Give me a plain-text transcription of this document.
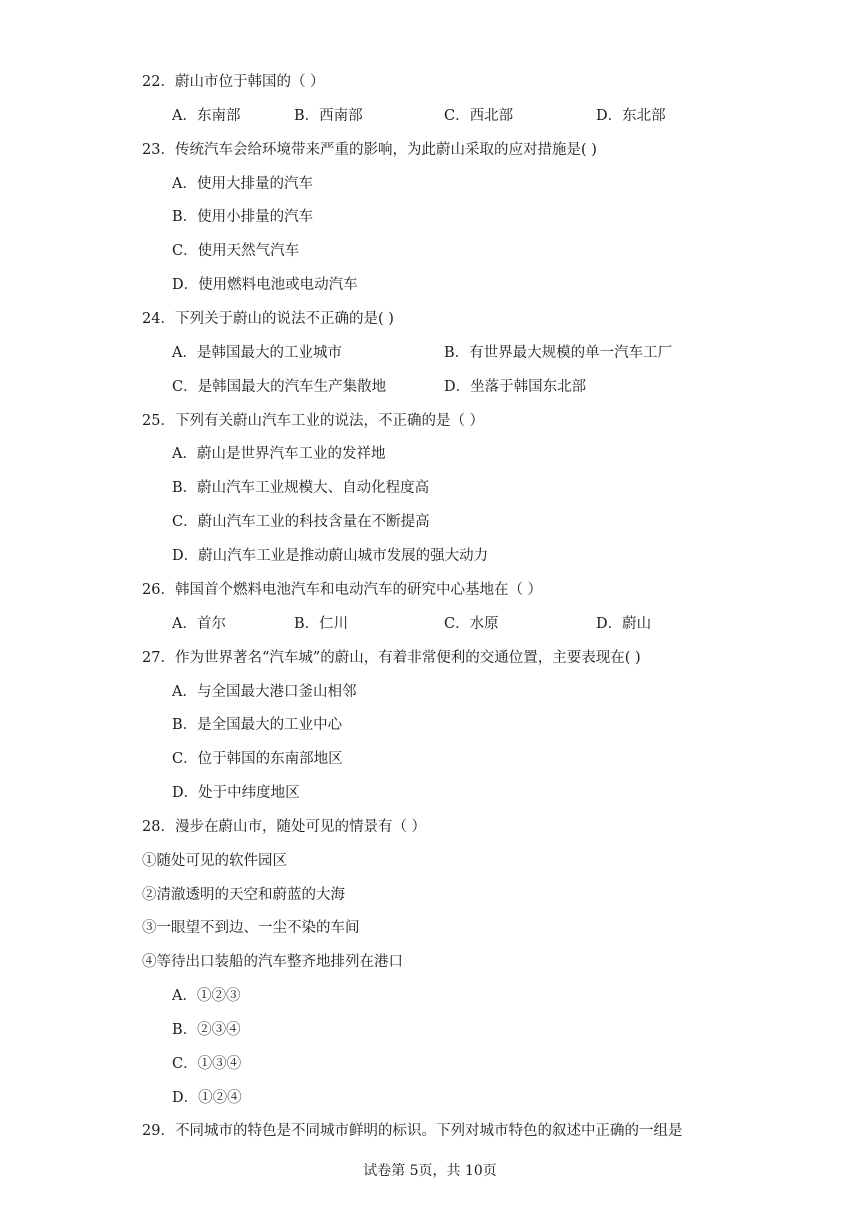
22．蔚山市位于韩国的（ ）
A．东南部	B．西南部	C．西北部	D．东北部
23．传统汽车会给环境带来严重的影响，为此蔚山采取的应对措施是( )
A．使用大排量的汽车
B．使用小排量的汽车
C．使用天然气汽车
D．使用燃料电池或电动汽车
24．下列关于蔚山的说法不正确的是( )
A．是韩国最大的工业城市	B．有世界最大规模的单一汽车工厂
C．是韩国最大的汽车生产集散地	D．坐落于韩国东北部
25．下列有关蔚山汽车工业的说法，不正确的是（ ）
A．蔚山是世界汽车工业的发祥地
B．蔚山汽车工业规模大、自动化程度高
C．蔚山汽车工业的科技含量在不断提高
D．蔚山汽车工业是推动蔚山城市发展的强大动力
26．韩国首个燃料电池汽车和电动汽车的研究中心基地在（ ）
A．首尔	B．仁川	C．水原	D．蔚山
27．作为世界著名“汽车城”的蔚山，有着非常便利的交通位置，主要表现在( )
A．与全国最大港口釜山相邻
B．是全国最大的工业中心
C．位于韩国的东南部地区
D．处于中纬度地区
28．漫步在蔚山市，随处可见的情景有（ ）
①随处可见的软件园区
②清澈透明的天空和蔚蓝的大海
③一眼望不到边、一尘不染的车间
④等待出口装船的汽车整齐地排列在港口
A．①②③
B．②③④
C．①③④
D．①②④
29．不同城市的特色是不同城市鲜明的标识。下列对城市特色的叙述中正确的一组是
试卷第 5页，共 10页
